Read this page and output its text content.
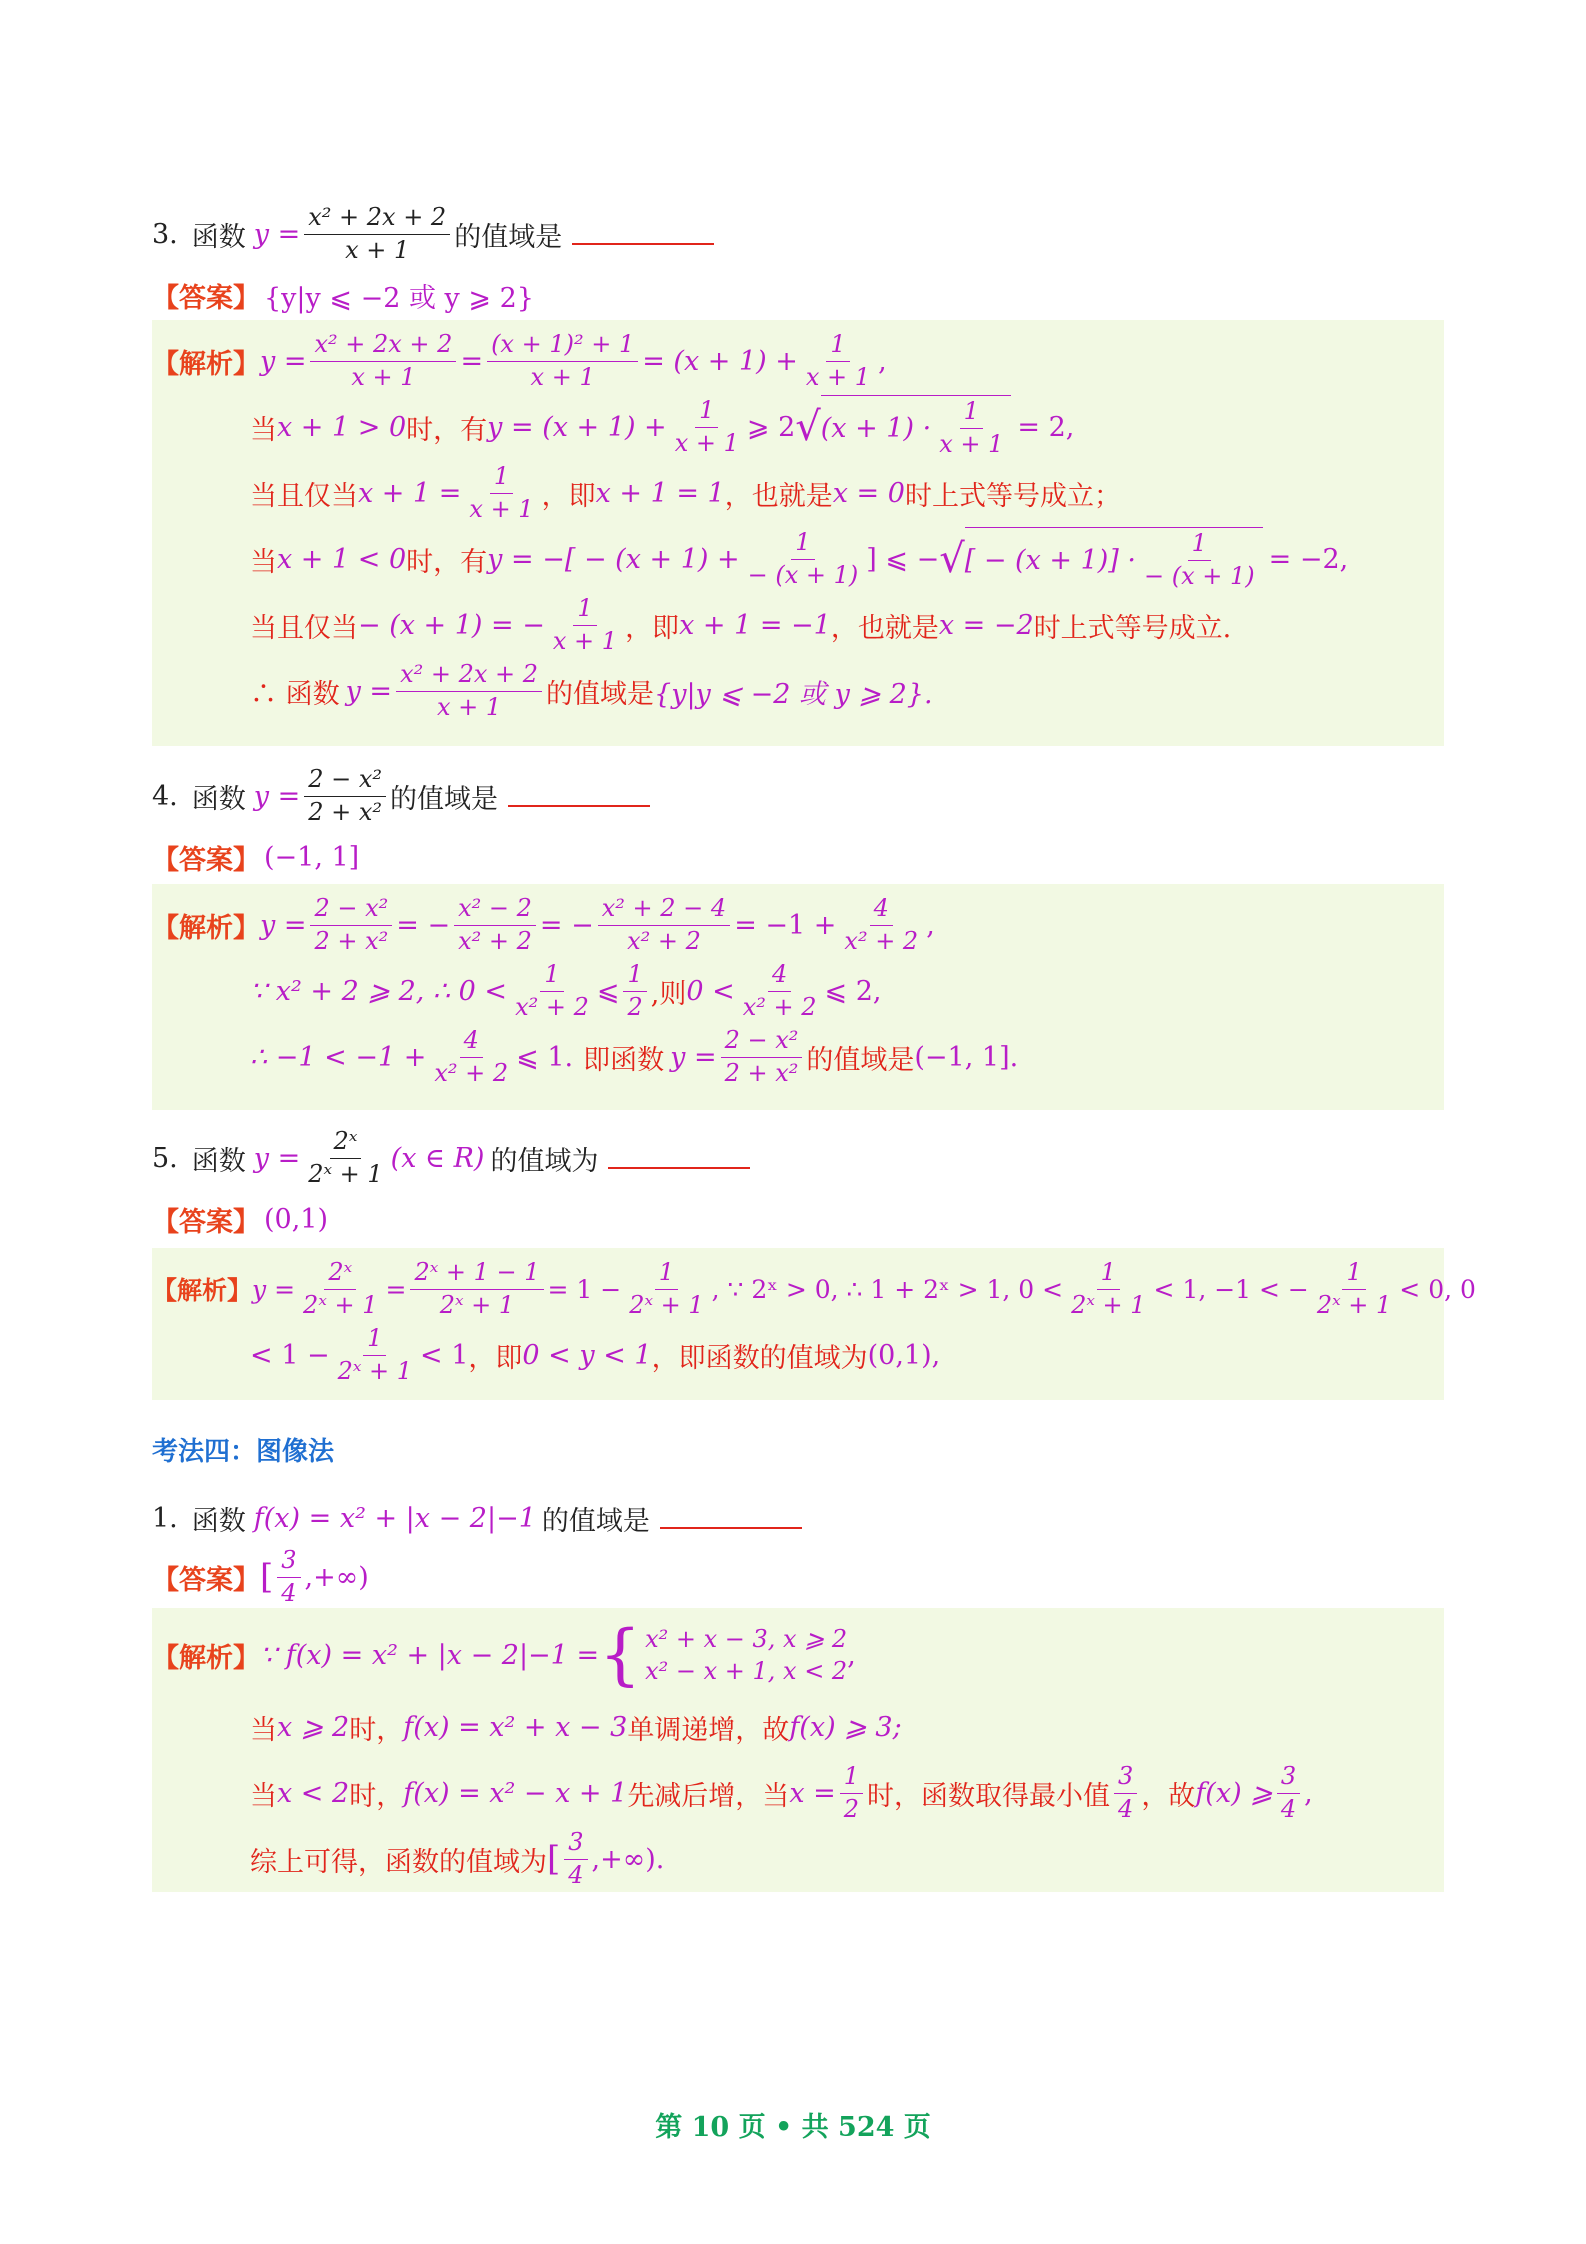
3. 函数 $y = \frac{\text{x² + 2x + 2}}{x + 1}$ 的值域是
【答案】 {y|y ⩽ −2 或 y ⩾ 2}
【解析】 $y = \frac{\text{x² + 2x + 2}}{x + 1} = \frac{\text{(x + 1)² + 1}}{x + 1} = (x + 1) + \frac{1}{x + 1}$ ,
当 x + 1 > 0 时，有 $y = (x + 1) + \frac{1}{x + 1}$ ⩾ 2 √ $(x + 1) \cdot \frac{1}{x + 1} = 2$,
当且仅当 $x + 1 = \frac{1}{x + 1}$ ，即 x + 1 = 1 ，也就是 x = 0 时上式等号成立；
当 x + 1 < 0 时，有 y = −[ − $(x + 1) + \frac{1}{- (x + 1)}$ ] ⩽ − √ [ − $(x + 1)] \cdot \frac{1}{- (x + 1)} = -2$,
当且仅当 − (x + 1) = − $\frac{1}{x + 1}$ ，即 x + 1 = −1 ，也就是 x = −2 时上式等号成立.
∴ 函数 $y = \frac{\text{x² + 2x + 2}}{x + 1}$ 的值域是 {y|y ⩽ −2 或 y ⩾ 2}.
4. 函数 $y = \frac{\text{2 − x²}}{\text{2 + x²}}$ 的值域是
【答案】 (−1, 1]
【解析】 $y = \frac{\text{2 − x²}}{\text{2 + x²}}$ = − $\frac{\text{x² − 2}}{\text{x² + 2}}$ = − $\frac{\text{x² + 2 − 4}}{\text{x² + 2}} = -1 + \frac{4}{\text{x² + 2}}$ ,
∵ x² + 2 ⩾ 2, ∴ $0 < \frac{1}{\text{x² + 2}}$ ⩽ $\frac{1}{2}$ ,则 $0 < \frac{4}{\text{x² + 2}}$ ⩽ 2,
∴ $-1 < -1 + \frac{4}{\text{x² + 2}}$ ⩽ 1. 即函数 $y = \frac{\text{2 − x²}}{\text{2 + x²}}$ 的值域是 (−1, 1].
5. 函数 $y = \frac{\text{2ˣ}}{\text{2ˣ + 1}} (x$ ∈ R) 的值域为
【答案】 (0,1)
【解析】 $y = \frac{\text{2ˣ}}{\text{2ˣ + 1}} = \frac{\text{2ˣ + 1 − 1}}{\text{2ˣ + 1}} = 1 - \frac{1}{\text{2ˣ + 1}}$ , ∵ 2ˣ > 0, ∴ 1 + 2ˣ > 1, $0 < \frac{1}{\text{2ˣ + 1}} < 1$, −1 < − $\frac{1}{\text{2ˣ + 1}} < 0$, 0
< $1 - \frac{1}{\text{2ˣ + 1}} < 1$ ，即 0 < y < 1 ，即函数的值域为 (0,1),
考法四：图像法
1. 函数 f(x) = x² + |x − 2|−1 的值域是
【答案】 [ $\frac{3}{4}$ ,+∞)
【解析】 ∵ f(x) = x² + |x − 2|−1 = { x² + x − 3, x ⩾ 2
x² − x + 1, x < 2
,
当 x ⩾ 2 时， f(x) = x² + x − 3 单调递增，故 f(x) ⩾ 3;
当 x < 2 时， f(x) = x² − x + 1 先减后增，当 $x = \frac{1}{2}$ 时，函数取得最小值 $\frac{3}{4}$ ，故 f(x) ⩾ $\frac{3}{4}$ ,
综上可得，函数的值域为 [ $\frac{3}{4}$ ,+∞).
第 10 页 • 共 524 页
